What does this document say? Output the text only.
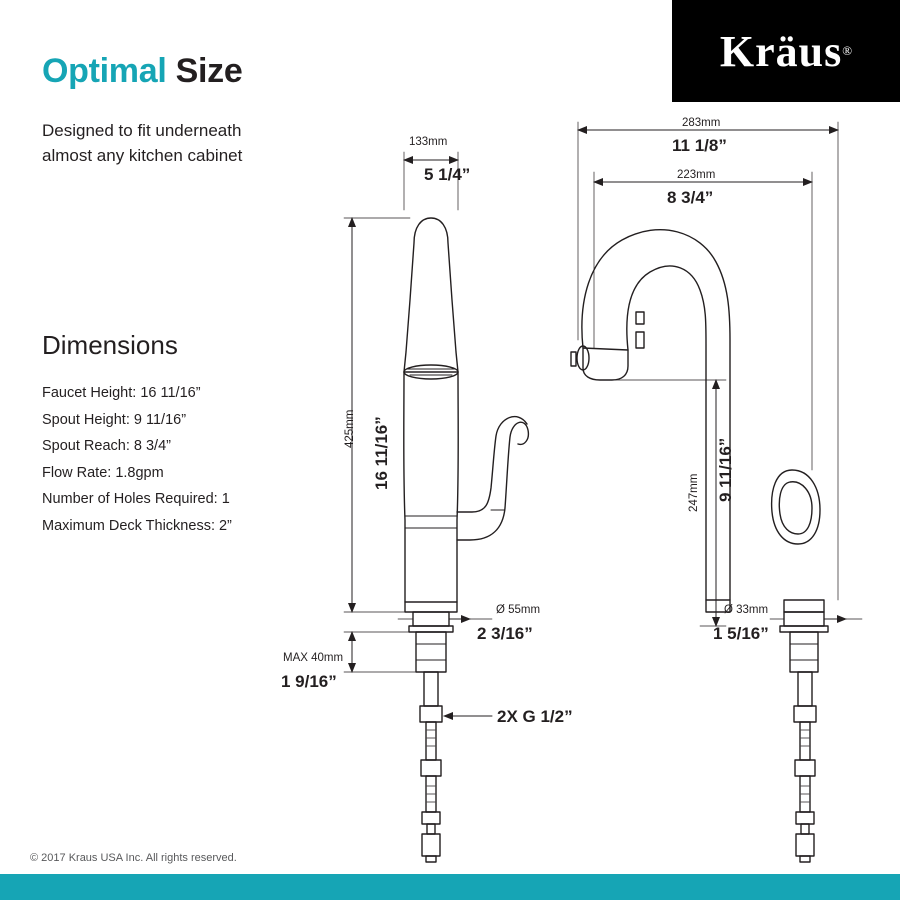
Kräus ®
Optimal Size
Designed to fit underneath almost any kitchen cabinet
Dimensions
Faucet Height: 16 11/16”
Spout Height: 9 11/16”
Spout Reach: 8 3/4”
Flow Rate: 1.8gpm
Number of Holes Required: 1
Maximum Deck Thickness: 2”
133mm
5 1/4”
425mm 16 11/16”
Ø 55mm
2 3/16”
MAX 40mm
1 9/16”
2X G 1/2”
283mm
11 1/8”
223mm
8 3/4”
247mm 9 11/16”
Ø 33mm
1 5/16”
© 2017 Kraus USA Inc. All rights reserved.
